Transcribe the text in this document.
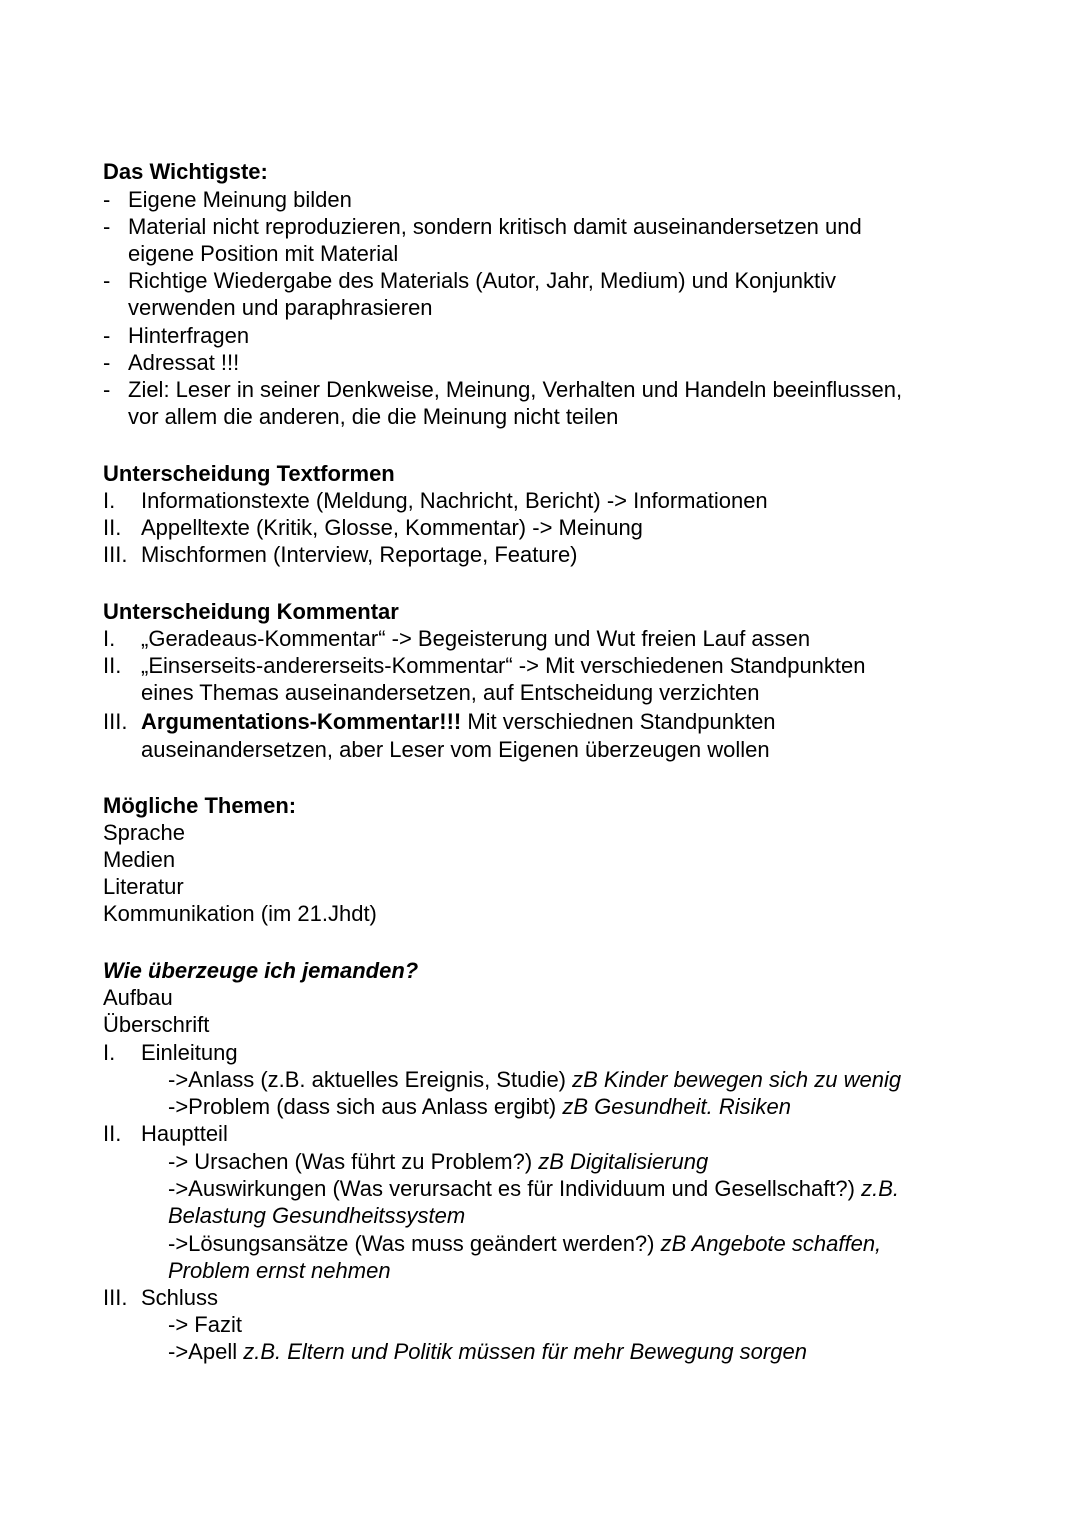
Das Wichtigste:
- Eigene Meinung bilden
- Material nicht reproduzieren, sondern kritisch damit auseinandersetzen und
eigene Position mit Material
- Richtige Wiedergabe des Materials (Autor, Jahr, Medium) und Konjunktiv
verwenden und paraphrasieren
- Hinterfragen
- Adressat !!!
- Ziel: Leser in seiner Denkweise, Meinung, Verhalten und Handeln beeinflussen,
vor allem die anderen, die die Meinung nicht teilen
Unterscheidung Textformen
I. Informationstexte (Meldung, Nachricht, Bericht) -> Informationen
II. Appelltexte (Kritik, Glosse, Kommentar) -> Meinung
III. Mischformen (Interview, Reportage, Feature)
Unterscheidung Kommentar
I. „Geradeaus-Kommentar“ -> Begeisterung und Wut freien Lauf assen
II. „Einserseits-andererseits-Kommentar“ -> Mit verschiedenen Standpunkten
eines Themas auseinandersetzen, auf Entscheidung verzichten
III. Argumentations-Kommentar!!! Mit verschiednen Standpunkten
auseinandersetzen, aber Leser vom Eigenen überzeugen wollen
Mögliche Themen:
Sprache
Medien
Literatur
Kommunikation (im 21.Jhdt)
Wie überzeuge ich jemanden?
Aufbau
Überschrift
I. Einleitung
->Anlass (z.B. aktuelles Ereignis, Studie) zB Kinder bewegen sich zu wenig
->Problem (dass sich aus Anlass ergibt) zB Gesundheit. Risiken
II. Hauptteil
-> Ursachen (Was führt zu Problem?) zB Digitalisierung
->Auswirkungen (Was verursacht es für Individuum und Gesellschaft?) z.B.
Belastung Gesundheitssystem
->Lösungsansätze (Was muss geändert werden?) zB Angebote schaffen,
Problem ernst nehmen
III. Schluss
-> Fazit
->Apell z.B. Eltern und Politik müssen für mehr Bewegung sorgen
